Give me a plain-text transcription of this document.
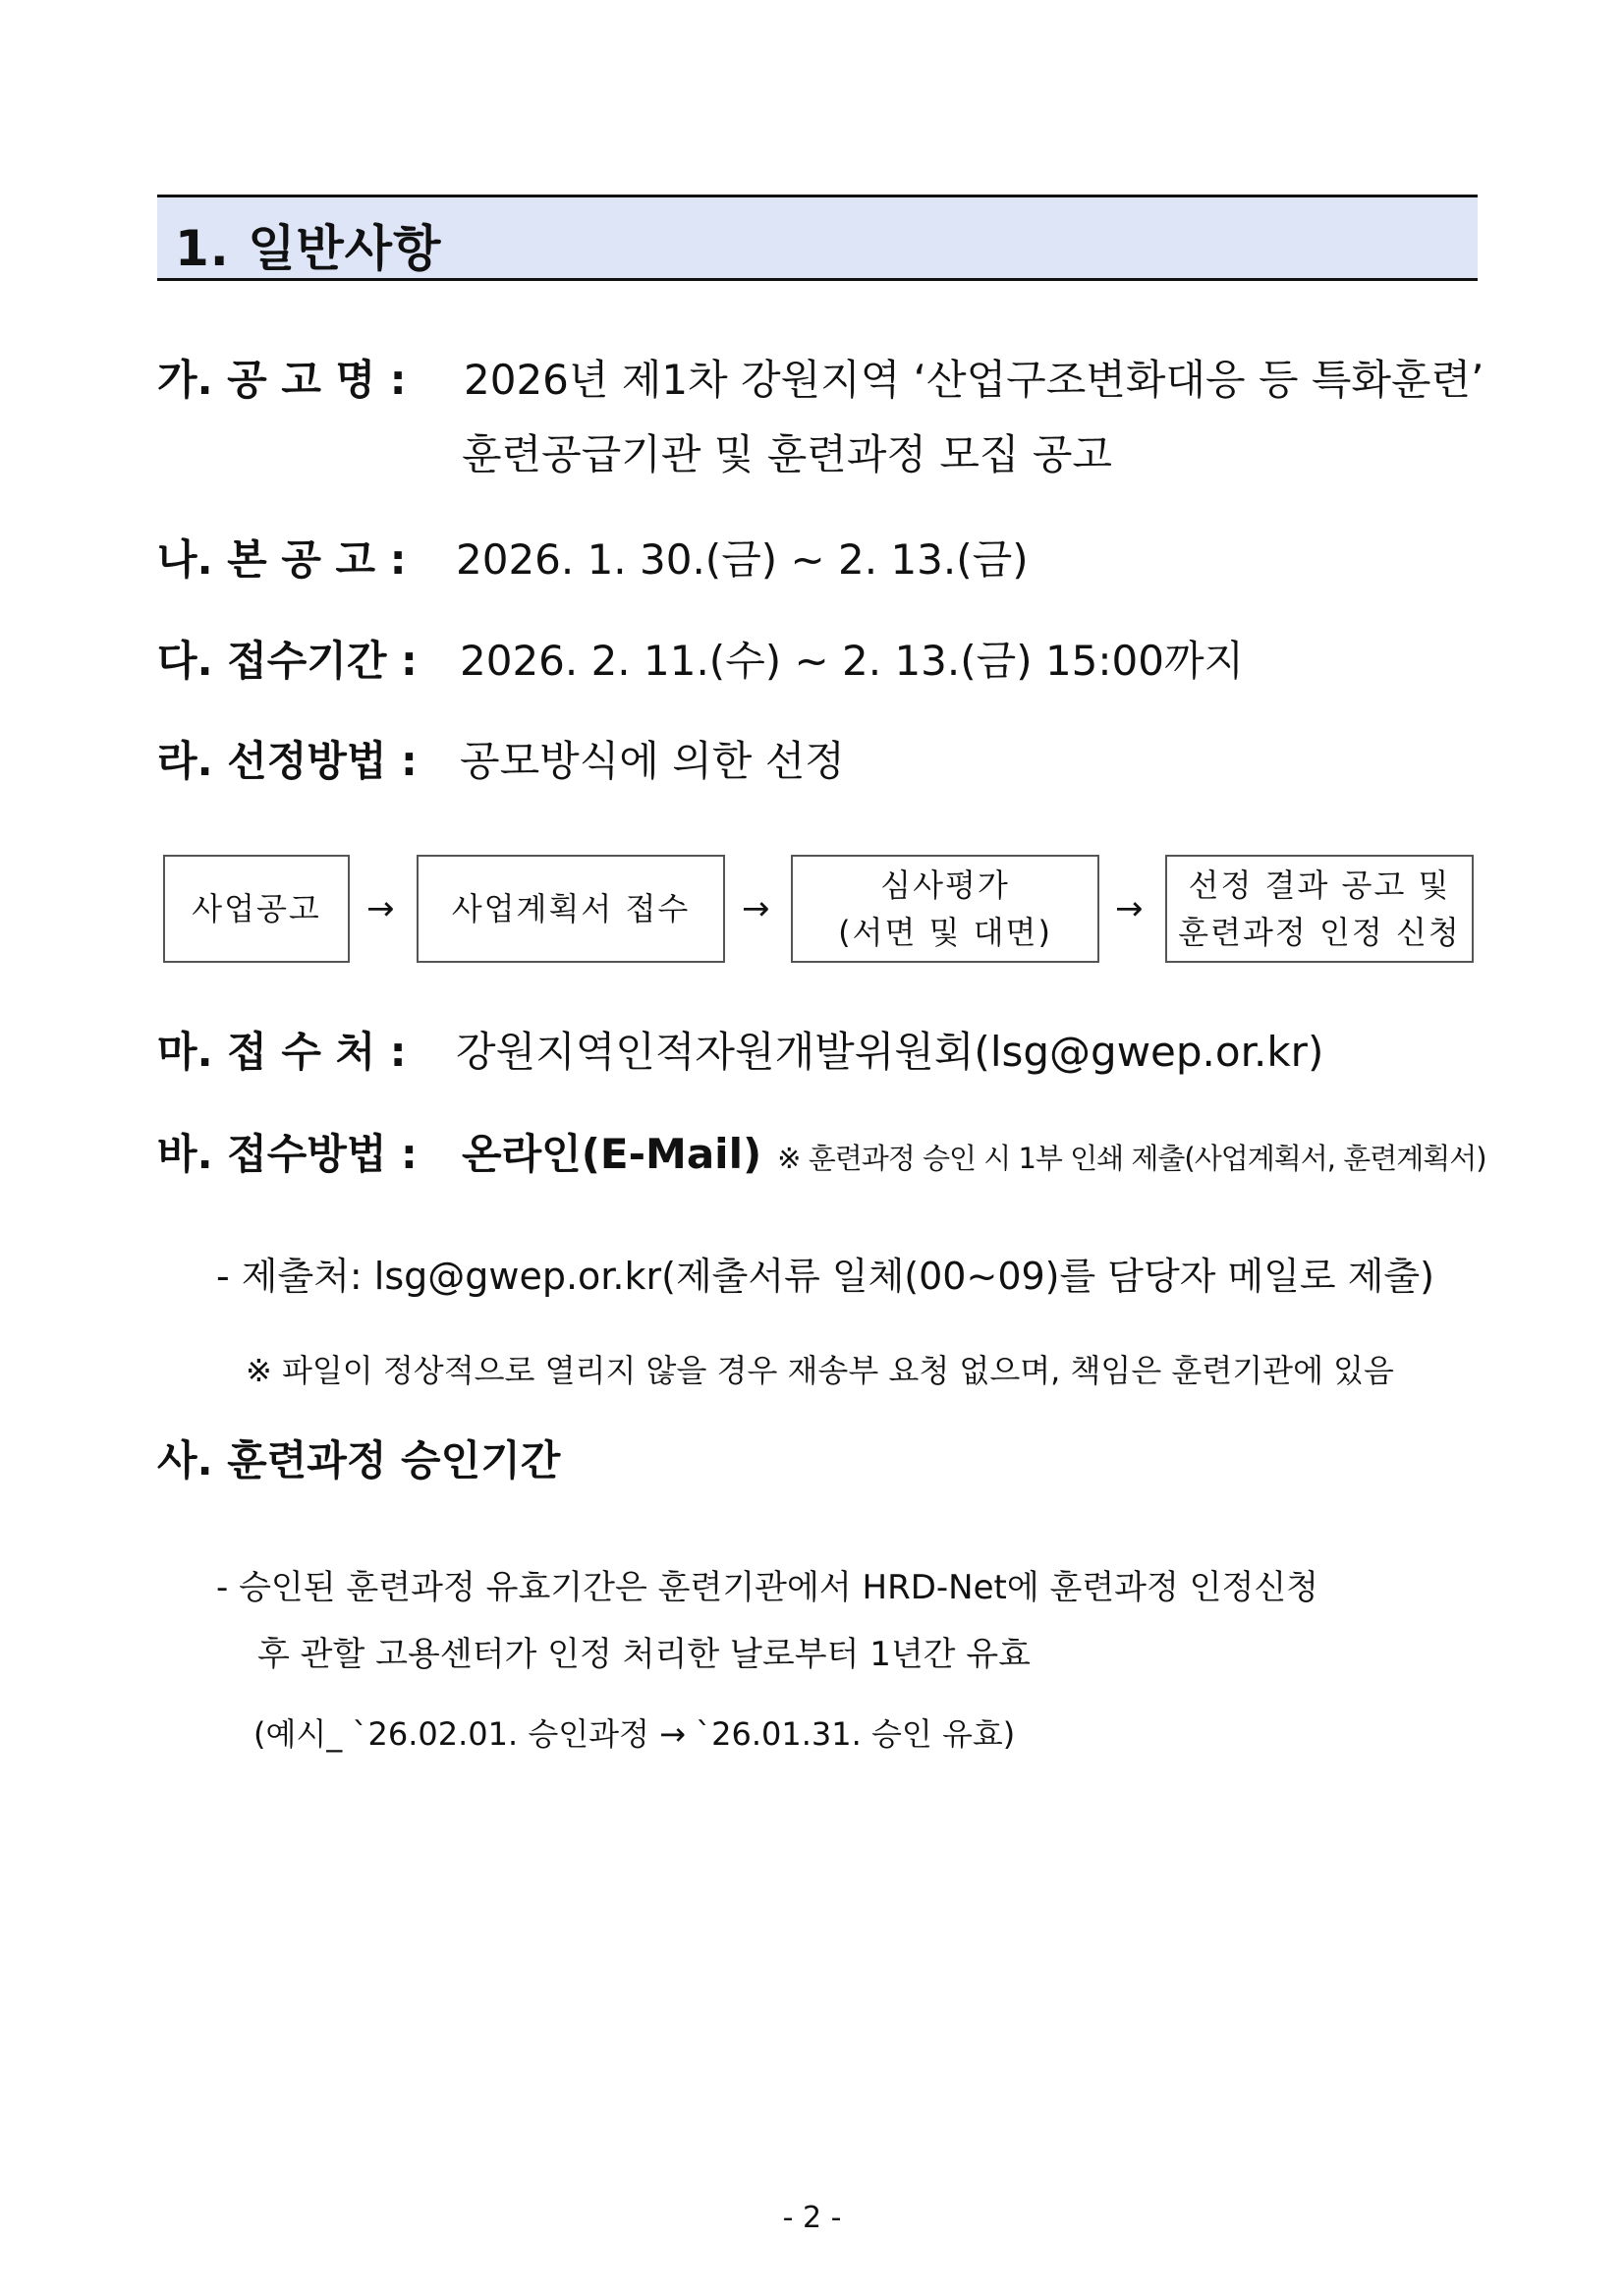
1. 일반사항
가. 공 고 명 : 2026년 제1차 강원지역 ‘산업구조변화대응 등 특화훈련’
훈련공급기관 및 훈련과정 모집 공고
나. 본 공 고 : 2026. 1. 30.(금) ~ 2. 13.(금)
다. 접수기간 : 2026. 2. 11.(수) ~ 2. 13.(금) 15:00까지
라. 선정방법 : 공모방식에 의한 선정
사업공고 → 사업계획서 접수 →
심사평가
(서면 및 대면)
→
선정 결과 공고 및
훈련과정 인정 신청
마. 접 수 처 : 강원지역인적자원개발위원회(lsg@gwep.or.kr)
바. 접수방법 : 온라인(E-Mail) ※ 훈련과정 승인 시 1부 인쇄 제출(사업계획서, 훈련계획서)
- 제출처: lsg@gwep.or.kr(제출서류 일체(00~09)를 담당자 메일로 제출)
※ 파일이 정상적으로 열리지 않을 경우 재송부 요청 없으며, 책임은 훈련기관에 있음
사. 훈련과정 승인기간
- 승인된 훈련과정 유효기간은 훈련기관에서 HRD-Net에 훈련과정 인정신청
후 관할 고용센터가 인정 처리한 날로부터 1년간 유효
(예시_ `26.02.01. 승인과정 → `26.01.31. 승인 유효)
- 2 -
